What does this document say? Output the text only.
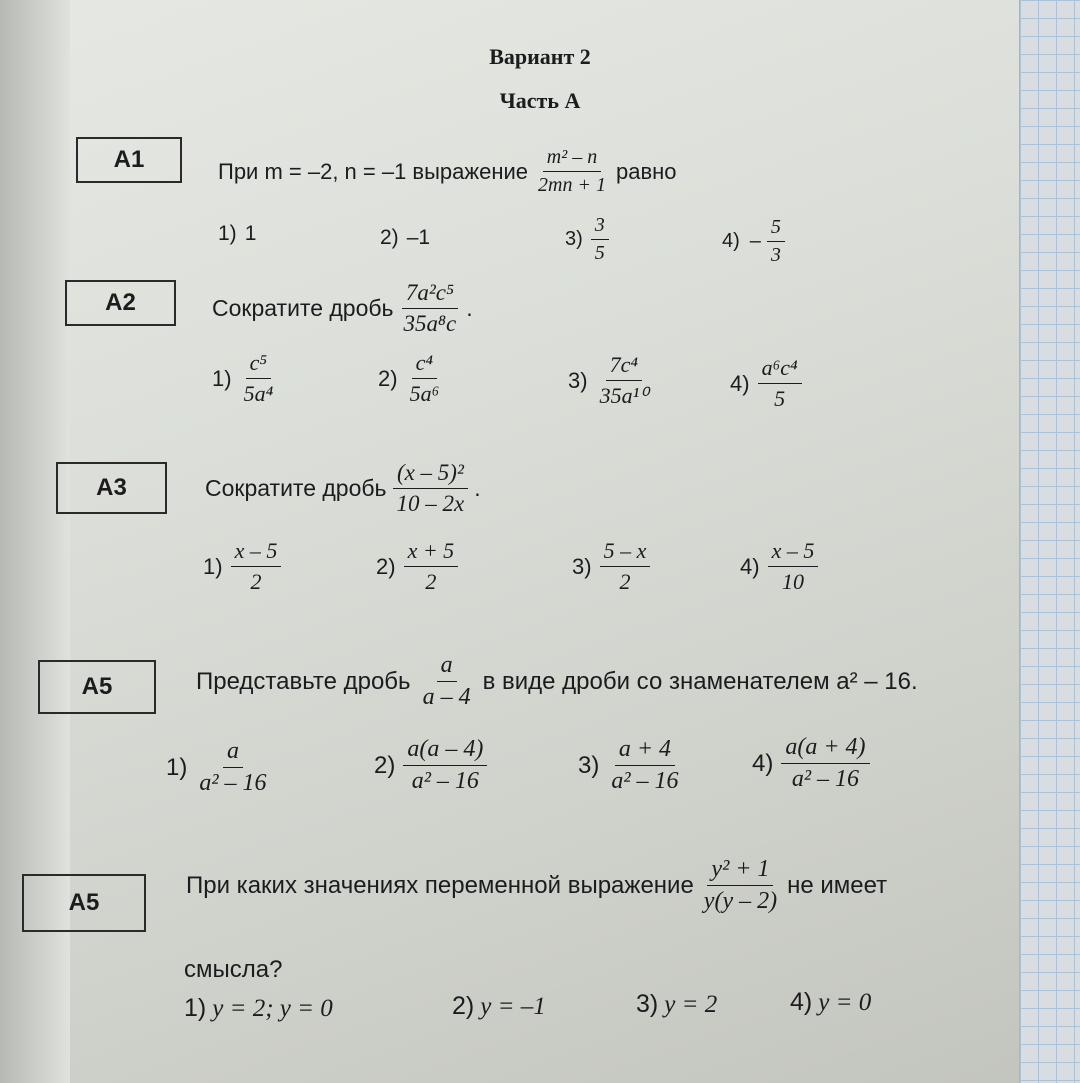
Вариант 2
Часть А
А1	При m = –2, n = –1 выражение $\frac{\text{m² – n}}{2mn + 1}$ равно
1) 1	2) –1	$3) \frac{3}{5}$	$4) - \frac{5}{3}$
А2	Сократите дробь $\frac{\text{7a²c⁵}}{\text{35a⁸c}}$ .
$1) \frac{\text{c⁵}}{\text{5a⁴}}$	$2) \frac{\text{c⁴}}{\text{5a⁶}}$	$3) \frac{\text{7c⁴}}{\text{35a¹⁰}}$	$4) \frac{\text{a⁶c⁴}}{5}$
А3	Сократите дробь $\frac{\text{(x – 5)²}}{10 - 2x}$ .
$1) \frac{x - 5}{2}$	$2) \frac{x + 5}{2}$	$3) \frac{5 - x}{2}$	$4) \frac{x - 5}{10}$
А5	Представьте дробь $\frac{a}{a - 4}$ в виде дроби со знаменателем a² – 16.
$1) \frac{a}{\text{a² – 16}}$	$2) \frac{a(a - 4)}{\text{a² – 16}}$	$3) \frac{a + 4}{\text{a² – 16}}$	$4) \frac{a(a + 4)}{\text{a² – 16}}$
А5
При каких значениях переменной выражение $\frac{\text{y² + 1}}{y(y - 2)}$ не имеет
смысла?
1) y = 2; y = 0	2) y = –1	3) y = 2	4) y = 0
